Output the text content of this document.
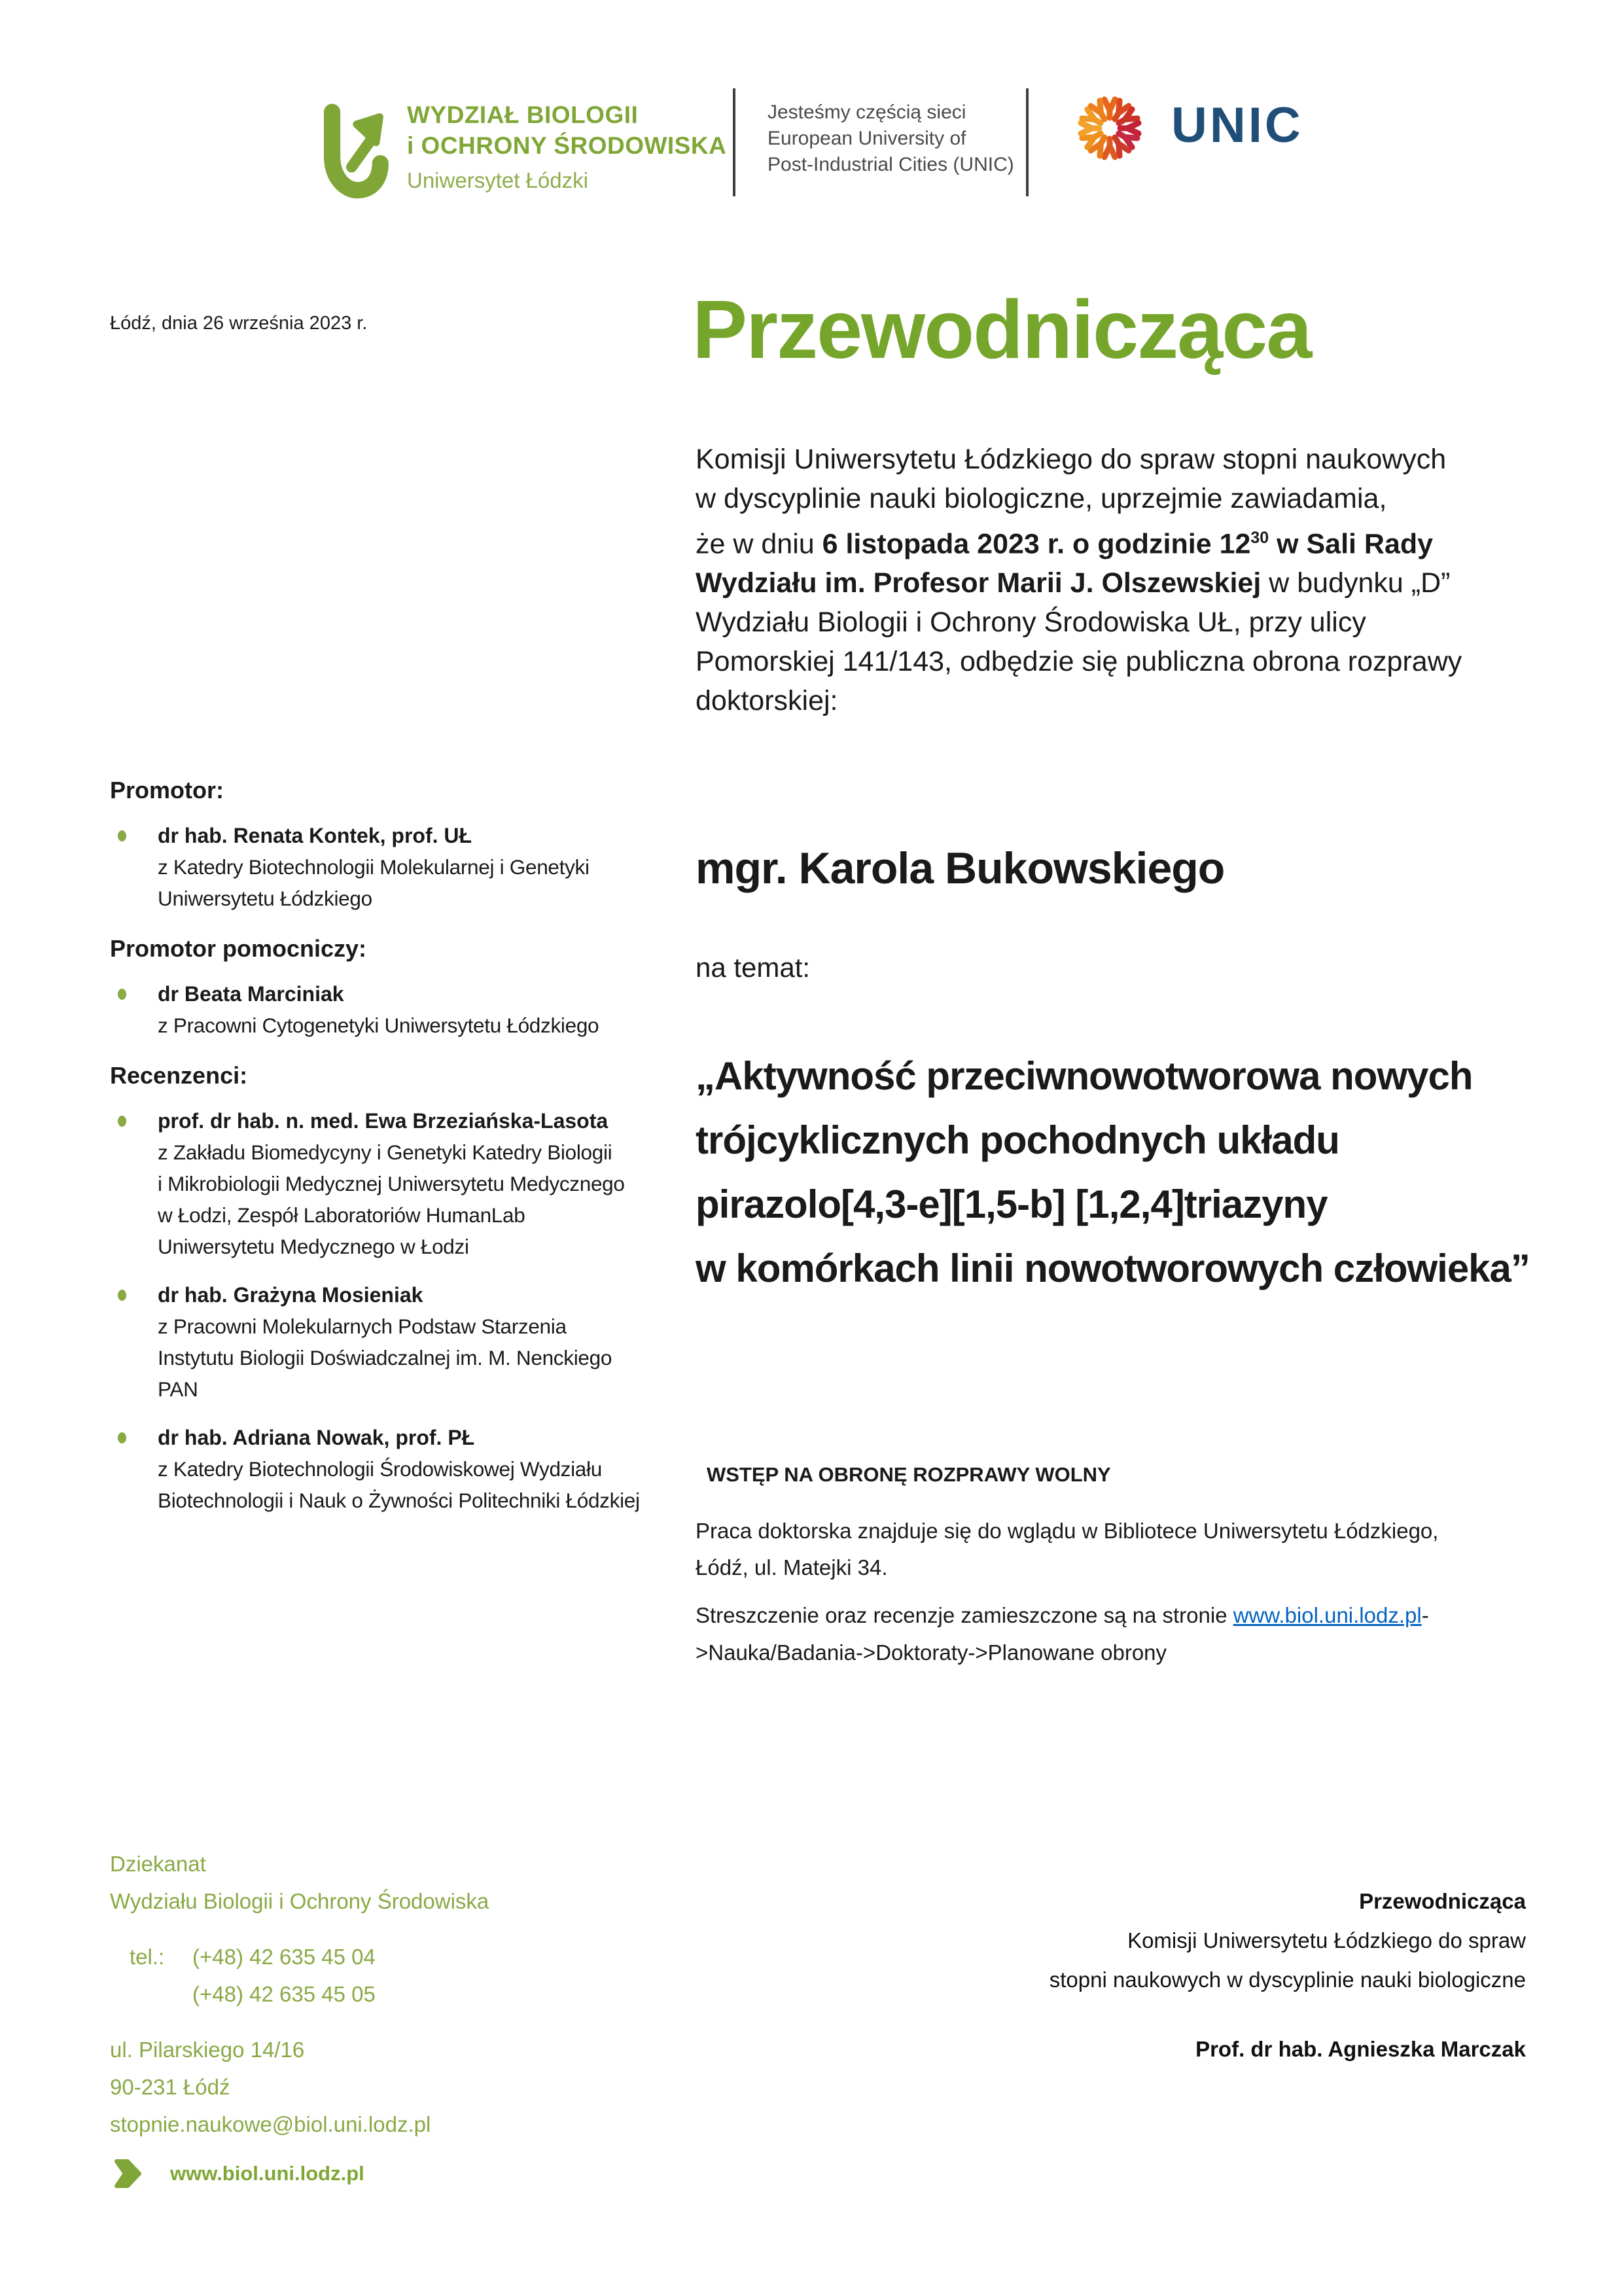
WYDZIAŁ BIOLOGII
i OCHRONY ŚRODOWISKA
Uniwersytet Łódzki
Jesteśmy częścią sieci
European University of
Post-Industrial Cities (UNIC)
UNIC
Łódź, dnia 26 września 2023 r.	Przewodnicząca
Komisji Uniwersytetu Łódzkiego do spraw stopni naukowych
w dyscyplinie nauki biologiczne, uprzejmie zawiadamia,
że w dniu 6 listopada 2023 r. o godzinie $12^{30}$ w Sali Rady
Wydziału im. Profesor Marii J. Olszewskiej w budynku „D”
Wydziału Biologii i Ochrony Środowiska UŁ, przy ulicy
Pomorskiej 141/143, odbędzie się publiczna obrona rozprawy
doktorskiej:
Promotor:
dr hab. Renata Kontek, prof. UŁ
z Katedry Biotechnologii Molekularnej i Genetyki
Uniwersytetu Łódzkiego
Promotor pomocniczy:
dr Beata Marciniak
z Pracowni Cytogenetyki Uniwersytetu Łódzkiego
Recenzenci:
prof. dr hab. n. med. Ewa Brzeziańska-Lasota
z Zakładu Biomedycyny i Genetyki Katedry Biologii
i Mikrobiologii Medycznej Uniwersytetu Medycznego
w Łodzi, Zespół Laboratoriów HumanLab
Uniwersytetu Medycznego w Łodzi
dr hab. Grażyna Mosieniak
z Pracowni Molekularnych Podstaw Starzenia
Instytutu Biologii Doświadczalnej im. M. Nenckiego
PAN
dr hab. Adriana Nowak, prof. PŁ
z Katedry Biotechnologii Środowiskowej Wydziału
Biotechnologii i Nauk o Żywności Politechniki Łódzkiej
mgr. Karola Bukowskiego
na temat:
„Aktywność przeciwnowotworowa nowych
trójcyklicznych pochodnych układu
pirazolo[4,3-e][1,5-b] [1,2,4]triazyny
w komórkach linii nowotworowych człowieka”
WSTĘP NA OBRONĘ ROZPRAWY WOLNY
Praca doktorska znajduje się do wglądu w Bibliotece Uniwersytetu Łódzkiego,
Łódź, ul. Matejki 34.
Streszczenie oraz recenzje zamieszczone są na stronie www.biol.uni.lodz.pl-
>Nauka/Badania->Doktoraty->Planowane obrony
Dziekanat
Wydziału Biologii i Ochrony Środowiska
tel.: (+48) 42 635 45 04
(+48) 42 635 45 05
ul. Pilarskiego 14/16
90-231 Łódź
stopnie.naukowe@biol.uni.lodz.pl
www.biol.uni.lodz.pl
Przewodnicząca
Komisji Uniwersytetu Łódzkiego do spraw
stopni naukowych w dyscyplinie nauki biologiczne
Prof. dr hab. Agnieszka Marczak
